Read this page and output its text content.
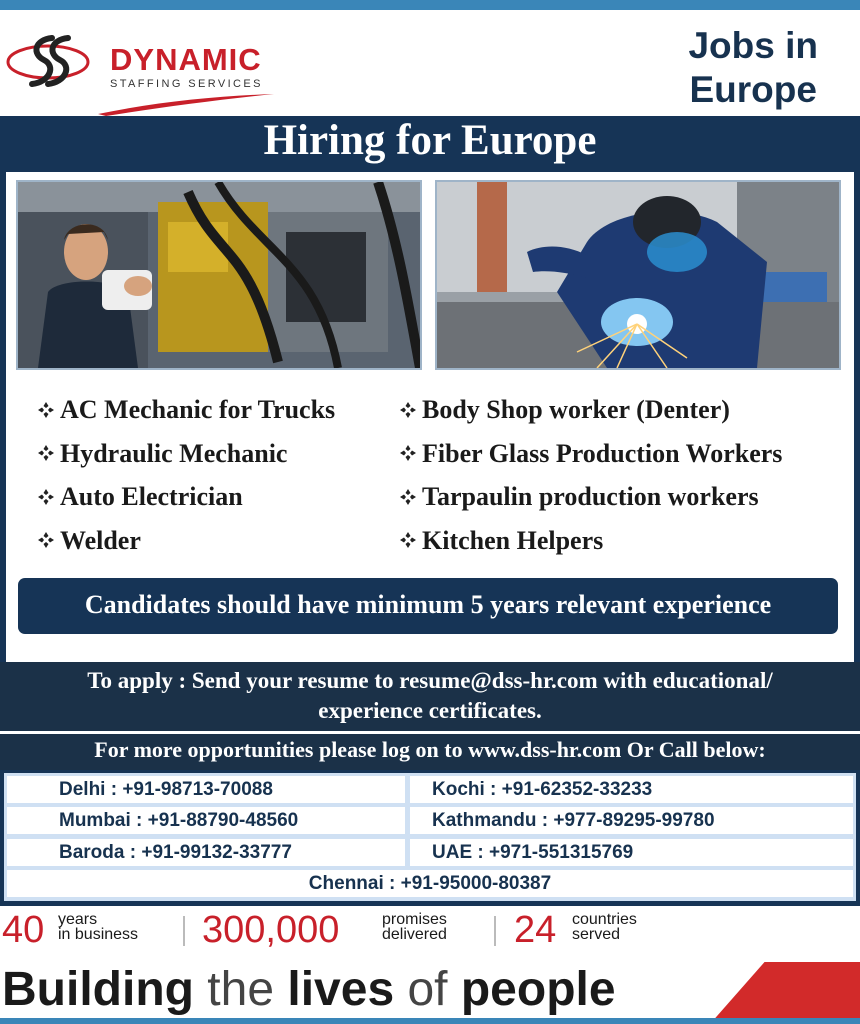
DYNAMIC
STAFFING SERVICES
Jobs in
Europe
Hiring for Europe
AC Mechanic for Trucks
Hydraulic Mechanic
Auto Electrician
Welder
Body Shop worker (Denter)
Fiber Glass Production Workers
Tarpaulin production workers
Kitchen Helpers
Candidates should have minimum 5 years relevant experience
To apply : Send your resume to resume@dss-hr.com with educational/
experience certificates.
For more opportunities please log on to www.dss-hr.com Or Call below:
Delhi : +91-98713-70088	Kochi : +91-62352-33233
Mumbai : +91-88790-48560	Kathmandu : +977-89295-99780
Baroda : +91-99132-33777	UAE : +971-551315769
Chennai : +91-95000-80387
40 years
in business 300,000	promises
delivered 24 countries
served
Building the lives of people
